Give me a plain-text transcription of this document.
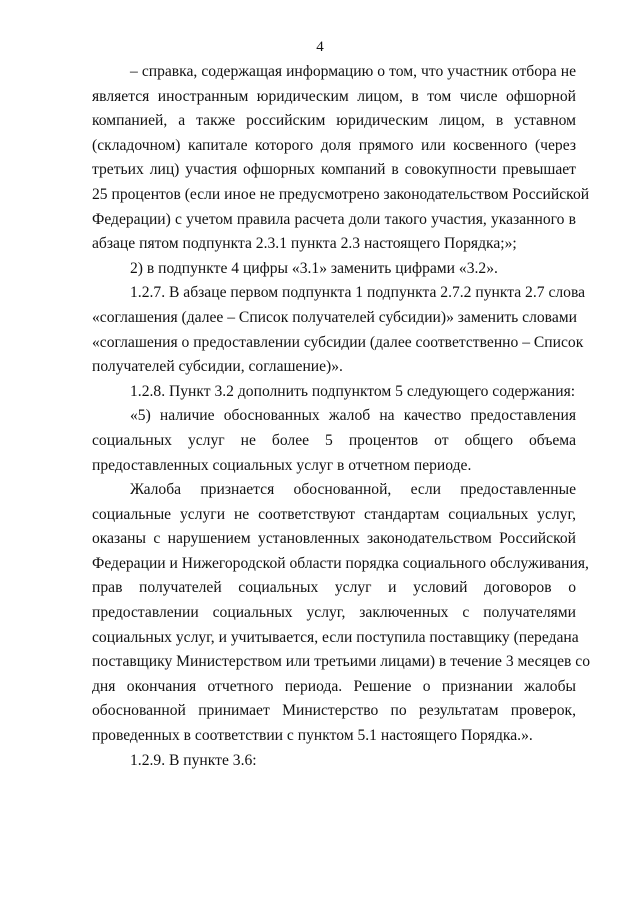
4
– справка, содержащая информацию о том, что участник отбора не
является иностранным юридическим лицом, в том числе офшорной
компанией, а также российским юридическим лицом, в уставном
(складочном) капитале которого доля прямого или косвенного (через
третьих лиц) участия офшорных компаний в совокупности превышает
25 процентов (если иное не предусмотрено законодательством Российской
Федерации) с учетом правила расчета доли такого участия, указанного в
абзаце пятом подпункта 2.3.1 пункта 2.3 настоящего Порядка;»;
2) в подпункте 4 цифры «3.1» заменить цифрами «3.2».
1.2.7. В абзаце первом подпункта 1 подпункта 2.7.2 пункта 2.7 слова
«соглашения (далее – Список получателей субсидии)» заменить словами
«соглашения о предоставлении субсидии (далее соответственно – Список
получателей субсидии, соглашение)».
1.2.8. Пункт 3.2 дополнить подпунктом 5 следующего содержания:
«5) наличие обоснованных жалоб на качество предоставления
социальных услуг не более 5 процентов от общего объема
предоставленных социальных услуг в отчетном периоде.
Жалоба признается обоснованной, если предоставленные
социальные услуги не соответствуют стандартам социальных услуг,
оказаны с нарушением установленных законодательством Российской
Федерации и Нижегородской области порядка социального обслуживания,
прав получателей социальных услуг и условий договоров о
предоставлении социальных услуг, заключенных с получателями
социальных услуг, и учитывается, если поступила поставщику (передана
поставщику Министерством или третьими лицами) в течение 3 месяцев со
дня окончания отчетного периода. Решение о признании жалобы
обоснованной принимает Министерство по результатам проверок,
проведенных в соответствии с пунктом 5.1 настоящего Порядка.».
1.2.9. В пункте 3.6:
